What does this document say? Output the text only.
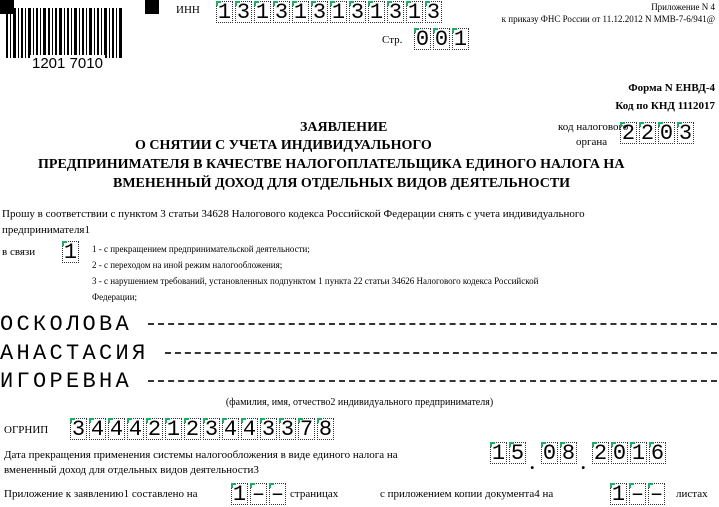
1201 7010
ИНН 1 3 1 3 1 3 1 3 1 3 1 3
Стр. 0 0 1
Приложение N 4
к приказу ФНС России от 11.12.2012 N ММВ-7-6/941@
Форма N ЕНВД-4
Код по КНД 1112017
код налогового
органа 2 2 0 3
ЗАЯВЛЕНИЕ
О СНЯТИИ С УЧЕТА ИНДИВИДУАЛЬНОГО
ПРЕДПРИНИМАТЕЛЯ В КАЧЕСТВЕ НАЛОГОПЛАТЕЛЬЩИКА ЕДИНОГО НАЛОГА НА
ВМЕНЕННЫЙ ДОХОД ДЛЯ ОТДЕЛЬНЫХ ВИДОВ ДЕЯТЕЛЬНОСТИ
Прошу в соответствии с пунктом 3 статьи 34628 Налогового кодекса Российской Федерации снять с учета индивидуального
предпринимателя1
в связи 1 1 - с прекращением предпринимательской деятельности;
2 - с переходом на иной режим налогообложения;
3 - с нарушением требований, установленных подпунктом 1 пункта 22 статьи 34626 Налогового кодекса Российской
Федерации;
ОСКОЛОВА
АНАСТАСИЯ
ИГОРЕВНА
(фамилия, имя, отчество2 индивидуального предпринимателя)
ОГРНИП 3 4 4 4 2 1 2 3 4 4 3 3 7 8
Дата прекращения применения системы налогообложения в виде единого налога на
вмененный доход для отдельных видов деятельности3
1 5 . 0 8 . 2 0 1 6
Приложение к заявлению1 составлено на 1 – – страницах	с приложением копии документа4 на	1 – – листах
